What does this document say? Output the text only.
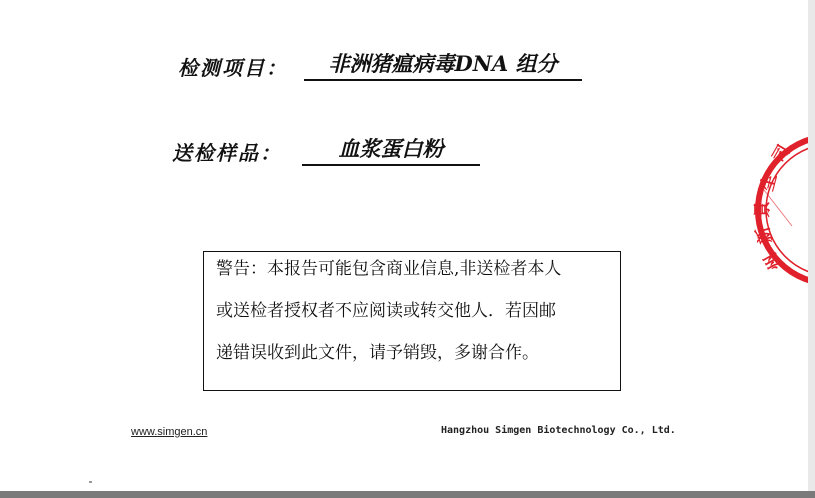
检测项目：	非洲猪瘟病毒DNA 组分
送检样品：	血浆蛋白粉
警告：本报告可能包含商业信息,非送检者本人
或送检者授权者不应阅读或转交他人．若因邮
递错误收到此文件，请予销毁，多谢合作。
www.simgen.cn	Hangzhou Simgen Biotechnology Co., Ltd.
司
生
景
新
州
